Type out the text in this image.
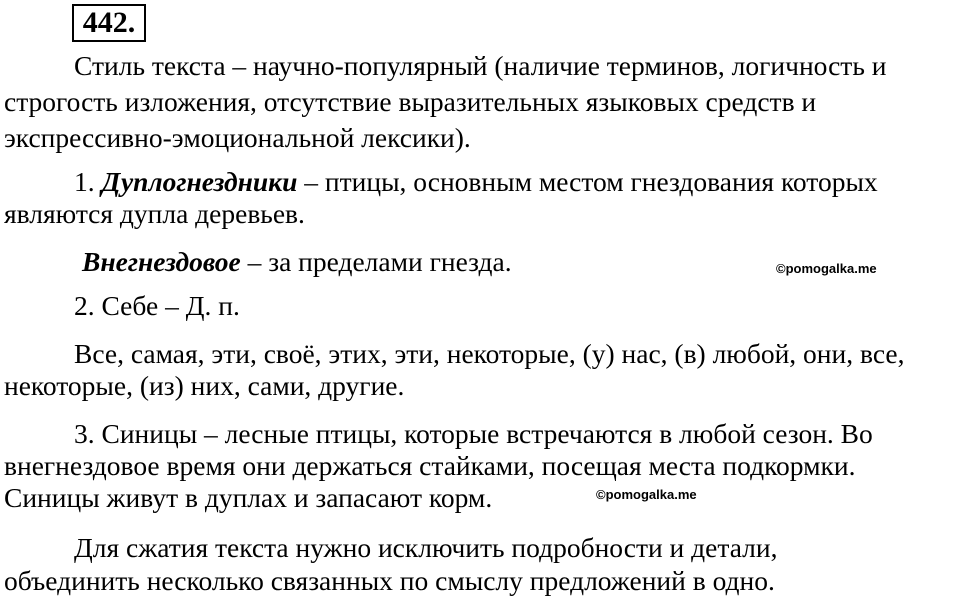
442.
Стиль текста – научно-популярный (наличие терминов, логичность и
строгость изложения, отсутствие выразительных языковых средств и
экспрессивно-эмоциональной лексики).
1. Дуплогнездники – птицы, основным местом гнездования которых
являются дупла деревьев.
Внегнездовое – за пределами гнезда.	©pomogalka.me
2. Себе – Д. п.
Все, самая, эти, своё, этих, эти, некоторые, (у) нас, (в) любой, они, все,
некоторые, (из) них, сами, другие.
3. Синицы – лесные птицы, которые встречаются в любой сезон. Во
внегнездовое время они держаться стайками, посещая места подкормки.
Синицы живут в дуплах и запасают корм.	©pomogalka.me
Для сжатия текста нужно исключить подробности и детали,
объединить несколько связанных по смыслу предложений в одно.
